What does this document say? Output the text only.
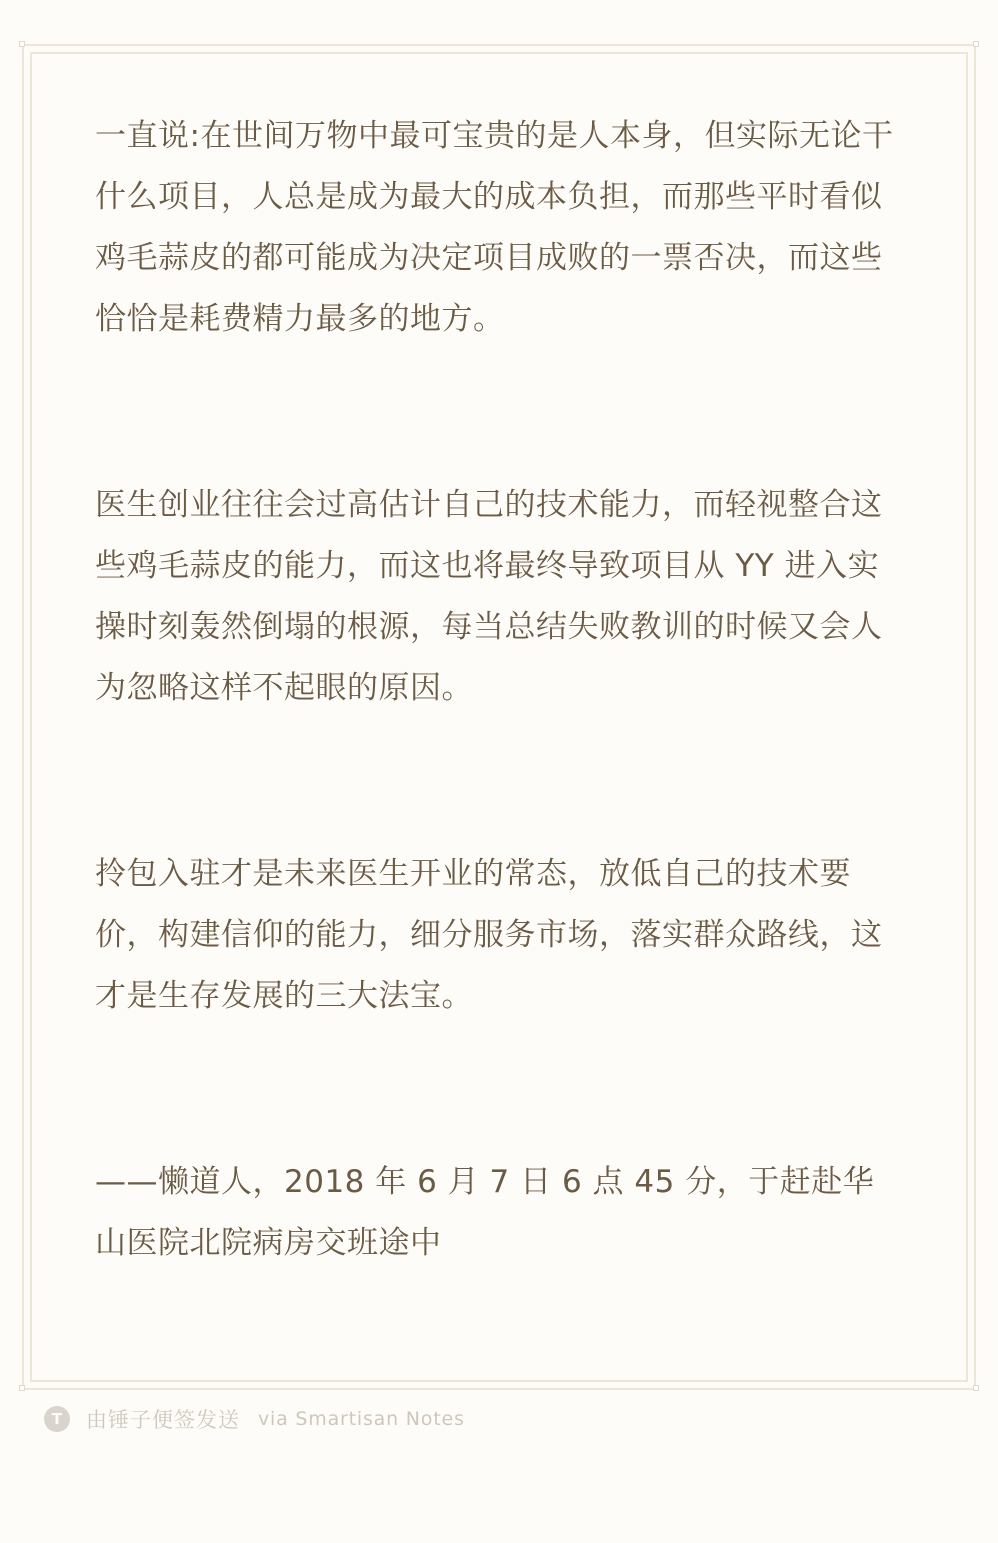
一直说:在世间万物中最可宝贵的是人本身，但实际无论干什么项目，人总是成为最大的成本负担，而那些平时看似鸡毛蒜皮的都可能成为决定项目成败的一票否决，而这些恰恰是耗费精力最多的地方。

医生创业往往会过高估计自己的技术能力，而轻视整合这些鸡毛蒜皮的能力，而这也将最终导致项目从 YY 进入实操时刻轰然倒塌的根源，每当总结失败教训的时候又会人为忽略这样不起眼的原因。

拎包入驻才是未来医生开业的常态，放低自己的技术要价，构建信仰的能力，细分服务市场，落实群众路线，这才是生存发展的三大法宝。

——懒道人，2018 年 6 月 7 日 6 点 45 分，于赶赴华山医院北院病房交班途中

T	由锤子便签发送 via Smartisan Notes
